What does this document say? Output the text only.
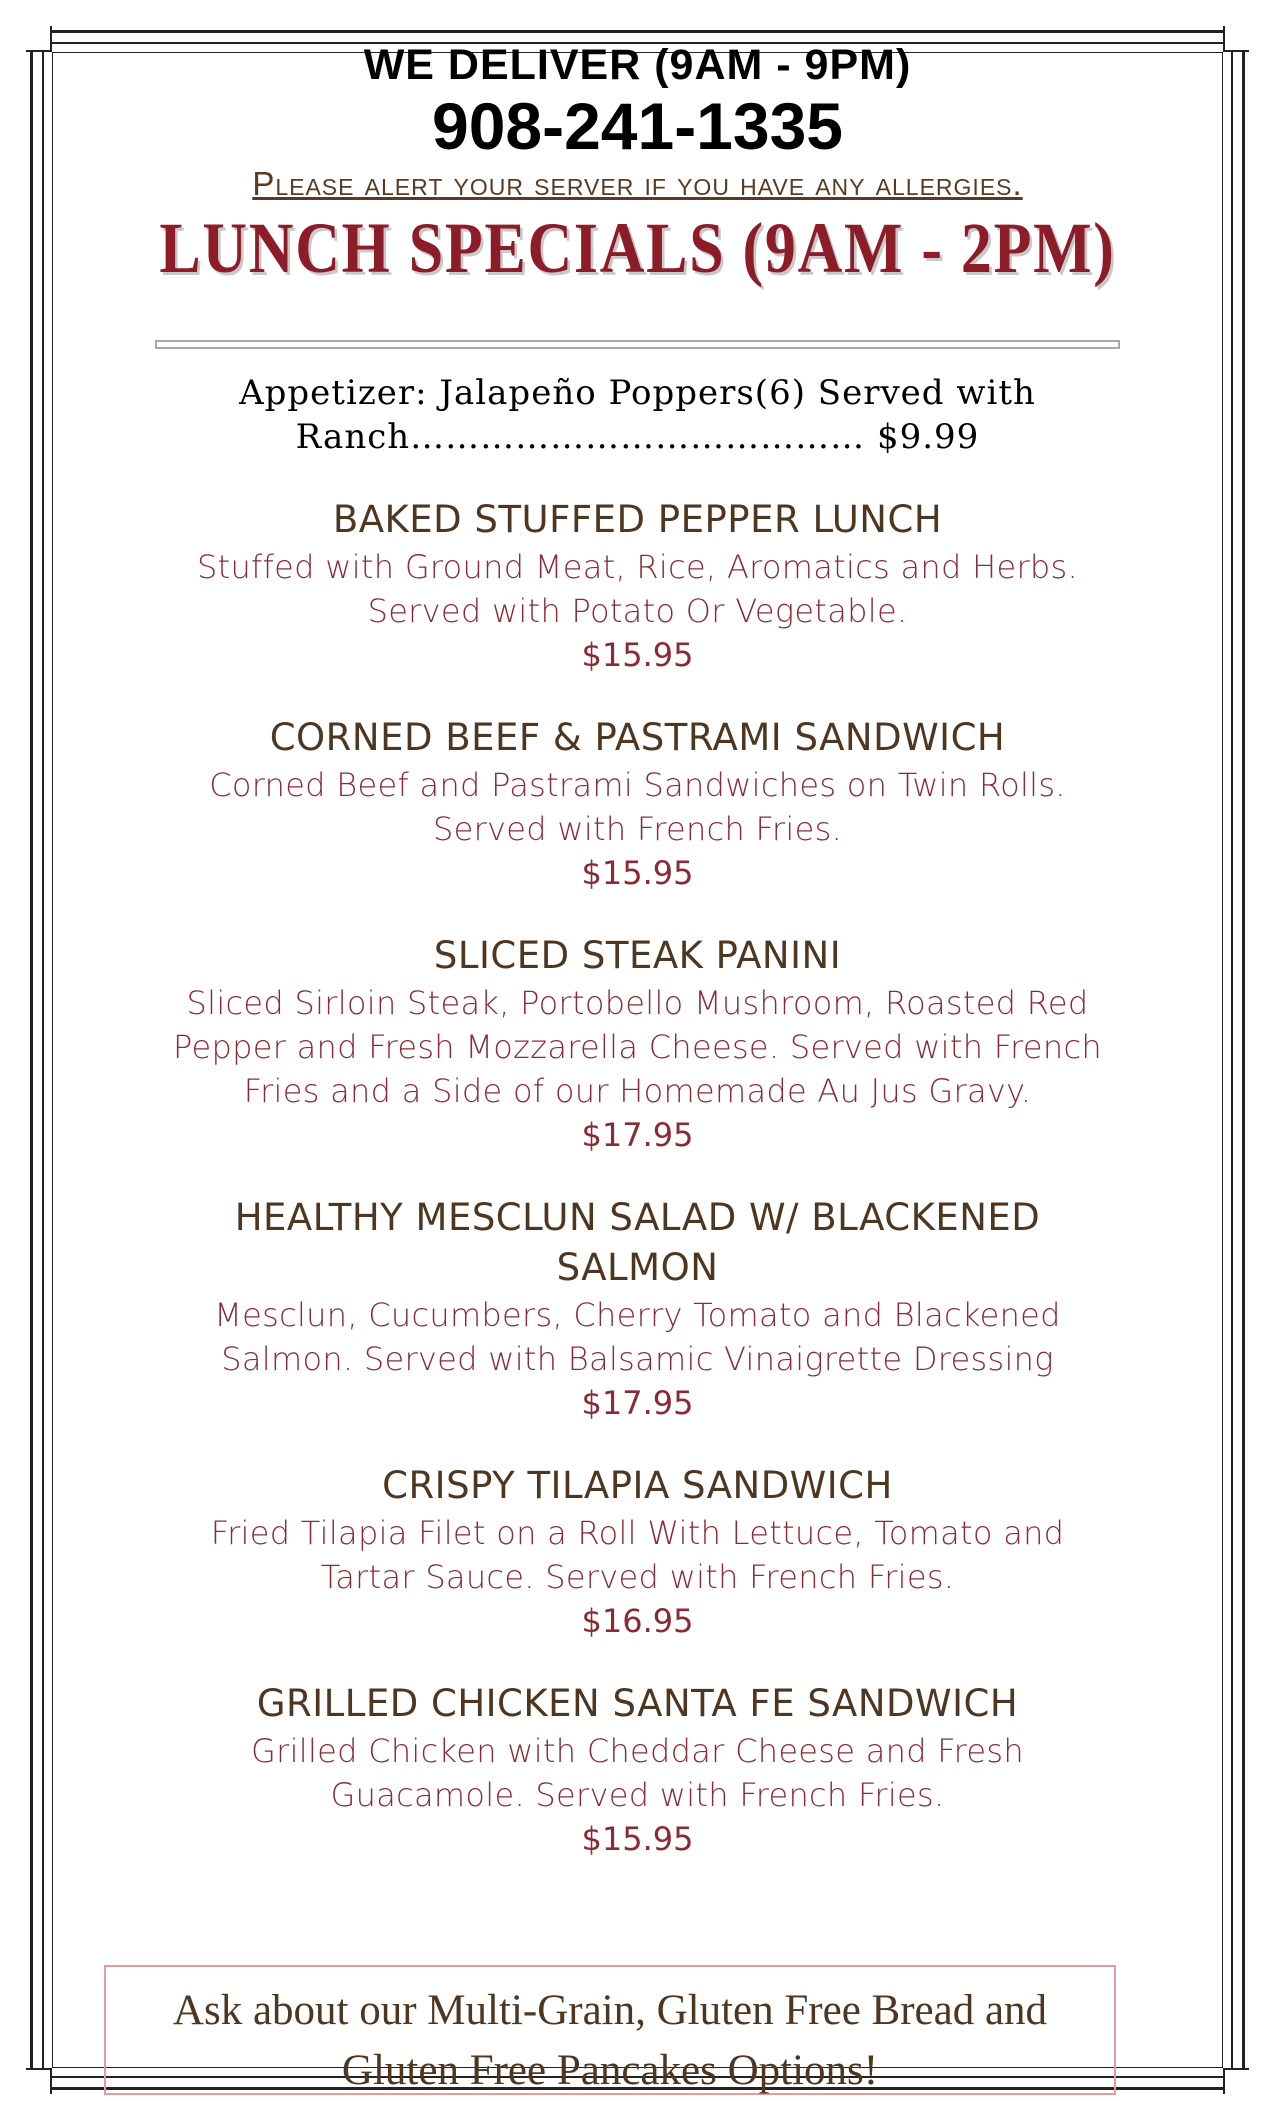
WE DELIVER (9AM - 9PM)
908-241-1335
Please alert your server if you have any allergies.
LUNCH SPECIALS (9AM - 2PM)
Appetizer: Jalapeño Poppers(6) Served with
Ranch………………………………… $9.99
BAKED STUFFED PEPPER LUNCH
Stuffed with Ground Meat, Rice, Aromatics and Herbs. Served with Potato Or Vegetable.
$15.95
CORNED BEEF & PASTRAMI SANDWICH
Corned Beef and Pastrami Sandwiches on Twin Rolls. Served with French Fries.
$15.95
SLICED STEAK PANINI
Sliced Sirloin Steak, Portobello Mushroom, Roasted Red Pepper and Fresh Mozzarella Cheese. Served with French Fries and a Side of our Homemade Au Jus Gravy.
$17.95
HEALTHY MESCLUN SALAD W/ BLACKENED SALMON
Mesclun, Cucumbers, Cherry Tomato and Blackened Salmon. Served with Balsamic Vinaigrette Dressing
$17.95
CRISPY TILAPIA SANDWICH
Fried Tilapia Filet on a Roll With Lettuce, Tomato and Tartar Sauce. Served with French Fries.
$16.95
GRILLED CHICKEN SANTA FE SANDWICH
Grilled Chicken with Cheddar Cheese and Fresh Guacamole. Served with French Fries.
$15.95
Ask about our Multi-Grain, Gluten Free Bread and Gluten Free Pancakes Options!
